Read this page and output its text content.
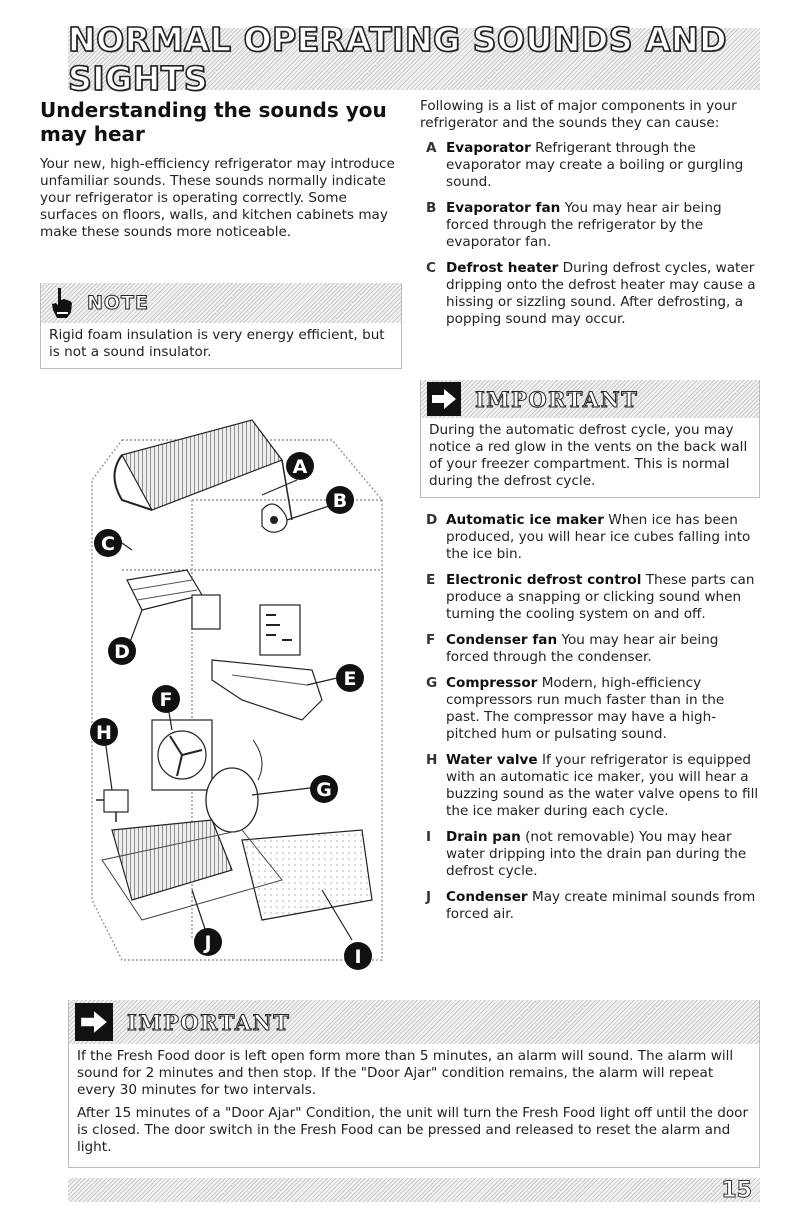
NORMAL OPERATING SOUNDS AND SIGHTS
Understanding the sounds you may hear

Your new, high-efficiency refrigerator may introduce unfamiliar sounds. These sounds normally indicate your refrigerator is operating correctly. Some surfaces on floors, walls, and kitchen cabinets may make these sounds more noticeable.

NOTE
Rigid foam insulation is very energy efficient, but is not a sound insulator.
A
B
C
D
E
F
G
H
I
J

Following is a list of major components in your refrigerator and the sounds they can cause:

A Evaporator Refrigerant through the evaporator may create a boiling or gurgling sound.
B Evaporator fan You may hear air being forced through the refrigerator by the evaporator fan.
C Defrost heater During defrost cycles, water dripping onto the defrost heater may cause a hissing or sizzling sound. After defrosting, a popping sound may occur.
IMPORTANT
During the automatic defrost cycle, you may notice a red glow in the vents on the back wall of your freezer compartment. This is normal during the defrost cycle.
D Automatic ice maker When ice has been produced, you will hear ice cubes falling into the ice bin.
E Electronic defrost control These parts can produce a snapping or clicking sound when turning the cooling system on and off.
F Condenser fan You may hear air being forced through the condenser.
G Compressor Modern, high-efficiency compressors run much faster than in the past. The compressor may have a high-pitched hum or pulsating sound.
H Water valve If your refrigerator is equipped with an automatic ice maker, you will hear a buzzing sound as the water valve opens to fill the ice maker during each cycle.
I Drain pan (not removable) You may hear water dripping into the drain pan during the defrost cycle.
J Condenser May create minimal sounds from forced air.
IMPORTANT
If the Fresh Food door is left open form more than 5 minutes, an alarm will sound. The alarm will sound for 2 minutes and then stop. If the "Door Ajar" condition remains, the alarm will repeat every 30 minutes for two intervals.
After 15 minutes of a "Door Ajar" Condition, the unit will turn the Fresh Food light off until the door is closed. The door switch in the Fresh Food can be pressed and released to reset the alarm and light.
15
